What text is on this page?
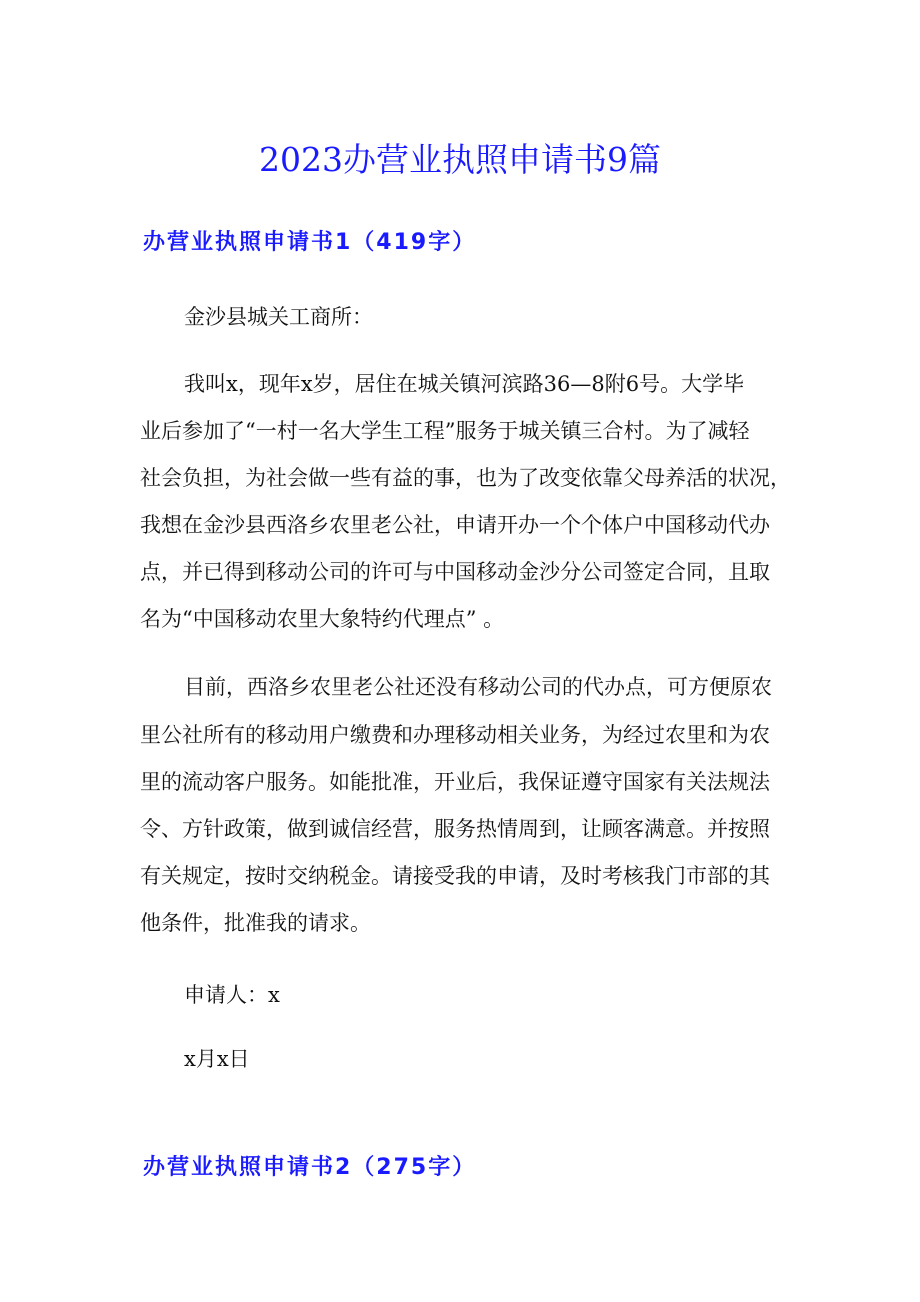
2023办营业执照申请书9篇
办营业执照申请书1（419字）
金沙县城关工商所：
我叫x，现年x岁，居住在城关镇河滨路36—8附6号。大学毕
业后参加了“一村一名大学生工程”服务于城关镇三合村。为了减轻
社会负担，为社会做一些有益的事，也为了改变依靠父母养活的状况，
我想在金沙县西洛乡农里老公社，申请开办一个个体户中国移动代办
点，并已得到移动公司的许可与中国移动金沙分公司签定合同，且取
名为“中国移动农里大象特约代理点” 。
目前，西洛乡农里老公社还没有移动公司的代办点，可方便原农
里公社所有的移动用户缴费和办理移动相关业务，为经过农里和为农
里的流动客户服务。如能批准，开业后，我保证遵守国家有关法规法
令、方针政策，做到诚信经营，服务热情周到，让顾客满意。并按照
有关规定，按时交纳税金。请接受我的申请，及时考核我门市部的其
他条件，批准我的请求。
申请人：x
x月x日
办营业执照申请书2（275字）
